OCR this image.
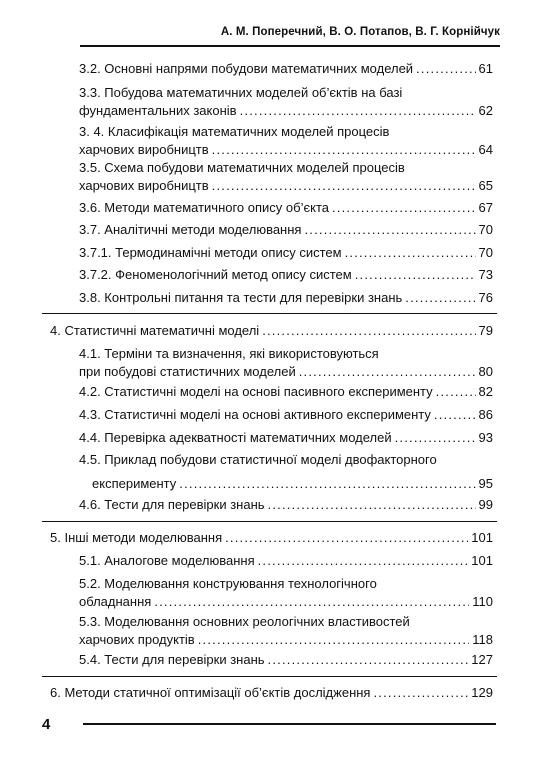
А. М. Поперечний, В. О. Потапов, В. Г. Корнійчук
3.2. Основні напрями побудови математичних моделей .....	61
3.3. Побудова математичних моделей об’єктів на базі
фундаментальних законів .....	62
3. 4. Класифікація математичних моделей процесів
харчових виробництв .....	64
3.5. Схема побудови математичних моделей процесів
харчових виробництв .....	65
3.6. Методи математичного опису об’єкта .....	67
3.7. Аналітичні методи моделювання .....	70
3.7.1. Термодинамічні методи опису систем .....	70
3.7.2. Феноменологічний метод опису систем .....	73
3.8. Контрольні питання та тести для перевірки знань .....	76
4. Статистичні математичні моделі .....	79
4.1. Терміни та визначення, які використовуються
при побудові статистичних моделей .....	80
4.2. Статистичні моделі на основі пасивного експерименту .....	82
4.3. Статистичні моделі на основі активного експерименту .....	86
4.4. Перевірка адекватності математичних моделей .....	93
4.5. Приклад побудови статистичної моделі двофакторного
експерименту .....	95
4.6. Тести для перевірки знань .....	99
5. Інші методи моделювання .....	101
5.1. Аналогове моделювання .....	101
5.2. Моделювання конструювання технологічного
обладнання .....	110
5.3. Моделювання основних реологічних властивостей
харчових продуктів .....	118
5.4. Тести для перевірки знань .....	127
6. Методи статичної оптимізації об’єктів дослідження .....	129
4
